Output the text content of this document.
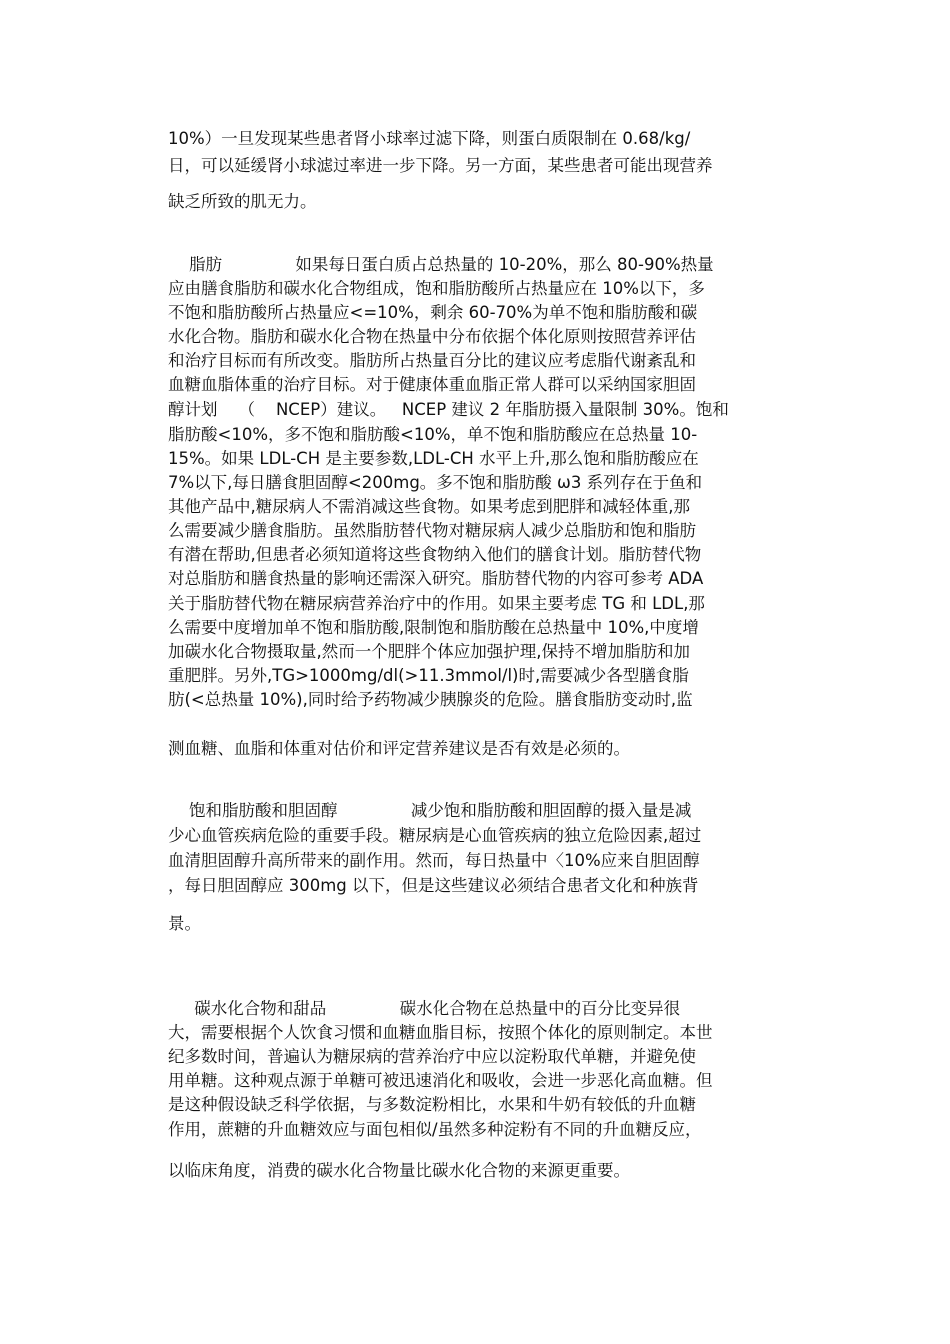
10%）一旦发现某些患者肾小球率过滤下降，则蛋白质限制在 0.68/kg/
日，可以延缓肾小球滤过率进一步下降。另一方面，某些患者可能出现营养
缺乏所致的肌无力。
脂肪              如果每日蛋白质占总热量的 10-20%，那么 80-90%热量
应由膳食脂肪和碳水化合物组成，饱和脂肪酸所占热量应在 10%以下，多
不饱和脂肪酸所占热量应<=10%，剩余 60-70%为单不饱和脂肪酸和碳
水化合物。脂肪和碳水化合物在热量中分布依据个体化原则按照营养评估
和治疗目标而有所改变。脂肪所占热量百分比的建议应考虑脂代谢紊乱和
血糖血脂体重的治疗目标。对于健康体重血脂正常人群可以采纳国家胆固
醇计划    （    NCEP）建议。   NCEP 建议 2 年脂肪摄入量限制 30%。饱和
脂肪酸<10%，多不饱和脂肪酸<10%，单不饱和脂肪酸应在总热量 10-
15%。如果 LDL-CH 是主要参数,LDL-CH 水平上升,那么饱和脂肪酸应在
7%以下,每日膳食胆固醇<200mg。多不饱和脂肪酸 ω3 系列存在于鱼和
其他产品中,糖尿病人不需消减这些食物。如果考虑到肥胖和减轻体重,那
么需要减少膳食脂肪。虽然脂肪替代物对糖尿病人减少总脂肪和饱和脂肪
有潜在帮助,但患者必须知道将这些食物纳入他们的膳食计划。脂肪替代物
对总脂肪和膳食热量的影响还需深入研究。脂肪替代物的内容可参考 ADA
关于脂肪替代物在糖尿病营养治疗中的作用。如果主要考虑 TG 和 LDL,那
么需要中度增加单不饱和脂肪酸,限制饱和脂肪酸在总热量中 10%,中度增
加碳水化合物摄取量,然而一个肥胖个体应加强护理,保持不增加脂肪和加
重肥胖。另外,TG>1000mg/dl(>11.3mmol/l)时,需要减少各型膳食脂
肪(<总热量 10%),同时给予药物减少胰腺炎的危险。膳食脂肪变动时,监
测血糖、血脂和体重对估价和评定营养建议是否有效是必须的。
饱和脂肪酸和胆固醇              减少饱和脂肪酸和胆固醇的摄入量是减
少心血管疾病危险的重要手段。糖尿病是心血管疾病的独立危险因素,超过
血清胆固醇升高所带来的副作用。然而，每日热量中〈10%应来自胆固醇
，每日胆固醇应 300mg 以下，但是这些建议必须结合患者文化和种族背
景。
碳水化合物和甜品              碳水化合物在总热量中的百分比变异很
大，需要根据个人饮食习惯和血糖血脂目标，按照个体化的原则制定。本世
纪多数时间，普遍认为糖尿病的营养治疗中应以淀粉取代单糖，并避免使
用单糖。这种观点源于单糖可被迅速消化和吸收，会进一步恶化高血糖。但
是这种假设缺乏科学依据，与多数淀粉相比，水果和牛奶有较低的升血糖
作用，蔗糖的升血糖效应与面包相似/虽然多种淀粉有不同的升血糖反应，
以临床角度，消费的碳水化合物量比碳水化合物的来源更重要。
